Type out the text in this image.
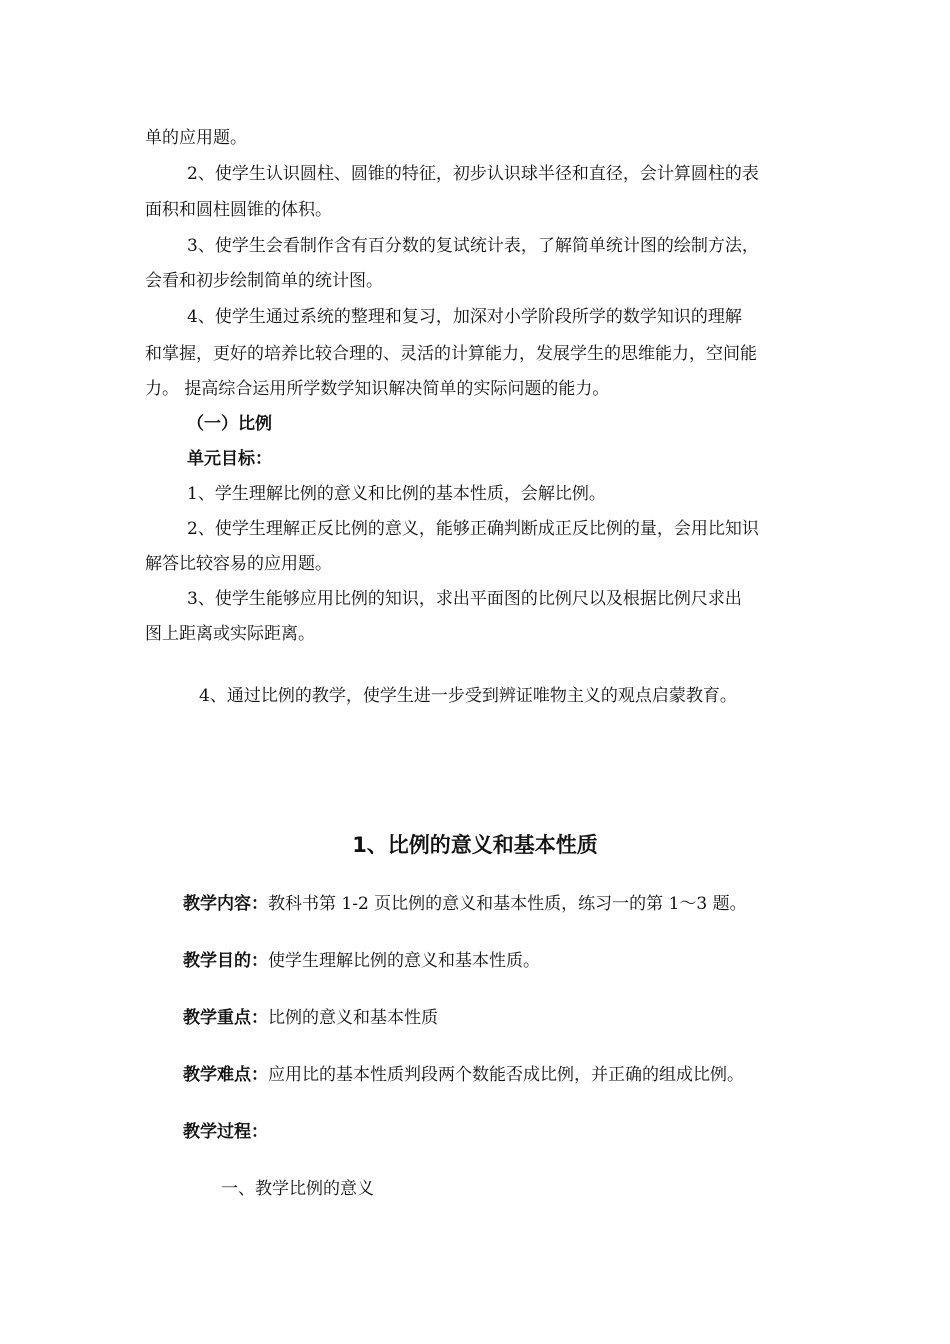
单的应用题。
2、使学生认识圆柱、圆锥的特征，初步认识球半径和直径，会计算圆柱的表
面积和圆柱圆锥的体积。
3、使学生会看制作含有百分数的复试统计表，了解简单统计图的绘制方法，
会看和初步绘制简单的统计图。
4、使学生通过系统的整理和复习，加深对小学阶段所学的数学知识的理解
和掌握，更好的培养比较合理的、灵活的计算能力，发展学生的思维能力，空间能
力。 提高综合运用所学数学知识解决简单的实际问题的能力。
（一）比例
单元目标：
1、学生理解比例的意义和比例的基本性质，会解比例。
2、使学生理解正反比例的意义，能够正确判断成正反比例的量，会用比知识
解答比较容易的应用题。
3、使学生能够应用比例的知识，求出平面图的比例尺以及根据比例尺求出
图上距离或实际距离。
4、通过比例的教学，使学生进一步受到辨证唯物主义的观点启蒙教育。
1、比例的意义和基本性质
教学内容：教科书第 1-2 页比例的意义和基本性质，练习一的第 1～3 题。
教学目的：使学生理解比例的意义和基本性质。
教学重点：比例的意义和基本性质
教学难点：应用比的基本性质判段两个数能否成比例，并正确的组成比例。
教学过程：
一、教学比例的意义
